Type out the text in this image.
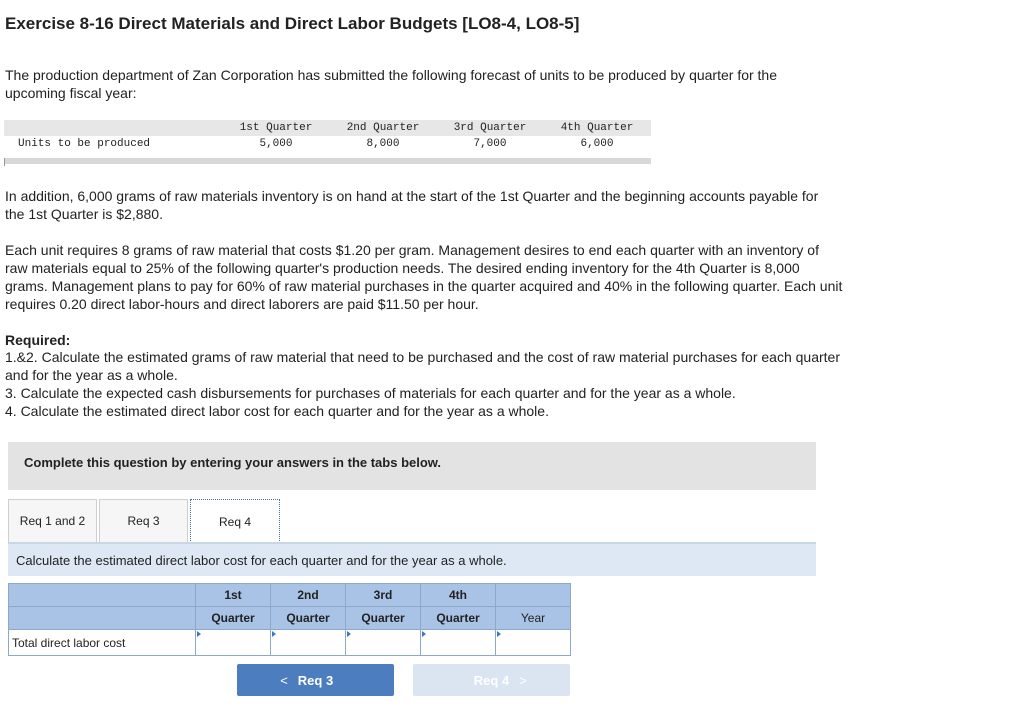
Exercise 8-16 Direct Materials and Direct Labor Budgets [LO8-4, LO8-5]
The production department of Zan Corporation has submitted the following forecast of units to be produced by quarter for the
upcoming fiscal year:
Units to be produced
1st Quarter	2nd Quarter	3rd Quarter	4th Quarter
5,000	8,000	7,000	6,000
In addition, 6,000 grams of raw materials inventory is on hand at the start of the 1st Quarter and the beginning accounts payable for
the 1st Quarter is $2,880.
Each unit requires 8 grams of raw material that costs $1.20 per gram. Management desires to end each quarter with an inventory of
raw materials equal to 25% of the following quarter's production needs. The desired ending inventory for the 4th Quarter is 8,000
grams. Management plans to pay for 60% of raw material purchases in the quarter acquired and 40% in the following quarter. Each unit
requires 0.20 direct labor-hours and direct laborers are paid $11.50 per hour.
Required:
1.&2. Calculate the estimated grams of raw material that need to be purchased and the cost of raw material purchases for each quarter
and for the year as a whole.
3. Calculate the expected cash disbursements for purchases of materials for each quarter and for the year as a whole.
4. Calculate the estimated direct labor cost for each quarter and for the year as a whole.
Complete this question by entering your answers in the tabs below.
Req 1 and 2	Req 3	Req 4
Calculate the estimated direct labor cost for each quarter and for the year as a whole.
	1st	2nd	3rd	4th	
	Quarter	Quarter	Quarter	Quarter	Year
Total direct labor cost	

< Req 3	Req 4 >
